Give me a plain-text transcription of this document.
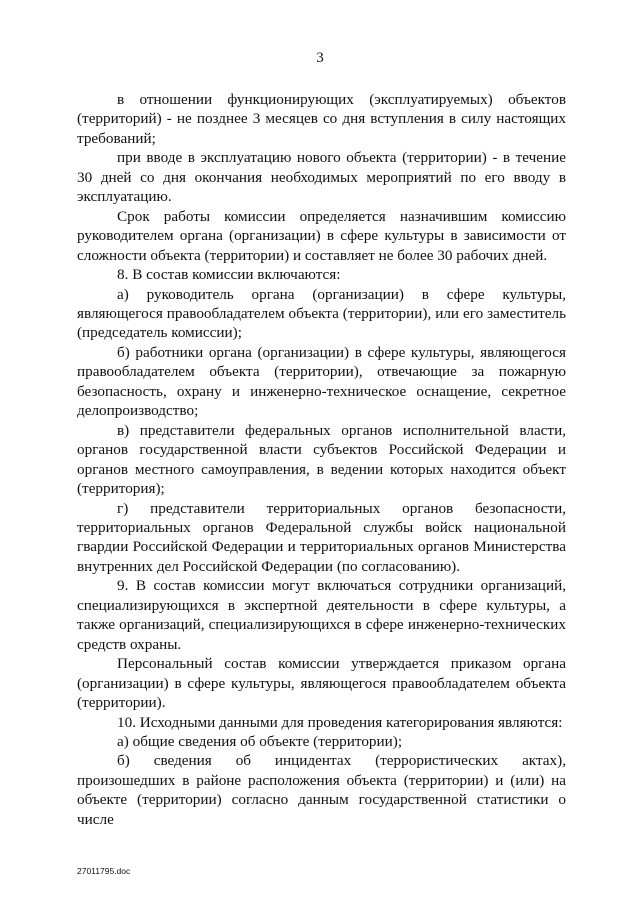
3

в отношении функционирующих (эксплуатируемых) объектов (территорий) - не позднее 3 месяцев со дня вступления в силу настоящих требований;

при вводе в эксплуатацию нового объекта (территории) - в течение 30 дней со дня окончания необходимых мероприятий по его вводу в эксплуатацию.

Срок работы комиссии определяется назначившим комиссию руководителем органа (организации) в сфере культуры в зависимости от сложности объекта (территории) и составляет не более 30 рабочих дней.

8. В состав комиссии включаются:

а) руководитель органа (организации) в сфере культуры, являющегося правообладателем объекта (территории), или его заместитель (председатель комиссии);

б) работники органа (организации) в сфере культуры, являющегося правообладателем объекта (территории), отвечающие за пожарную безопасность, охрану и инженерно-техническое оснащение, секретное делопроизводство;

в) представители федеральных органов исполнительной власти, органов государственной власти субъектов Российской Федерации и органов местного самоуправления, в ведении которых находится объект (территория);

г) представители территориальных органов безопасности, территориальных органов Федеральной службы войск национальной гвардии Российской Федерации и территориальных органов Министерства внутренних дел Российской Федерации (по согласованию).

9. В состав комиссии могут включаться сотрудники организаций, специализирующихся в экспертной деятельности в сфере культуры, а также организаций, специализирующихся в сфере инженерно-технических средств охраны.

Персональный состав комиссии утверждается приказом органа (организации) в сфере культуры, являющегося правообладателем объекта (территории).

10. Исходными данными для проведения категорирования являются:

а) общие сведения об объекте (территории);

б) сведения об инцидентах (террористических актах), произошедших в районе расположения объекта (территории) и (или) на объекте (территории) согласно данным государственной статистики о числе

27011795.doc
